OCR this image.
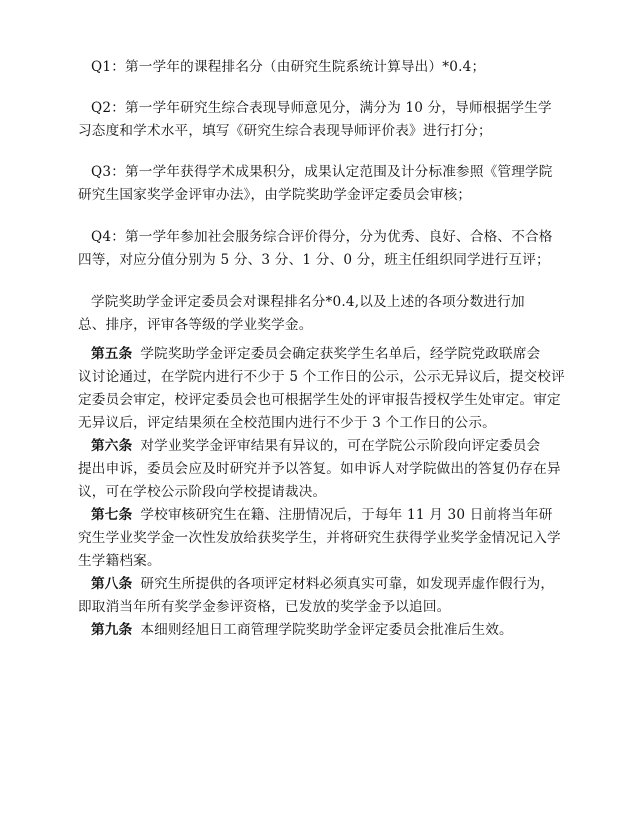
Q1：第一学年的课程排名分（由研究生院系统计算导出）*0.4；
Q2：第一学年研究生综合表现导师意见分，满分为 10 分，导师根据学生学
习态度和学术水平，填写《研究生综合表现导师评价表》进行打分；
Q3：第一学年获得学术成果积分，成果认定范围及计分标准参照《管理学院
研究生国家奖学金评审办法》，由学院奖助学金评定委员会审核；
Q4：第一学年参加社会服务综合评价得分，分为优秀、良好、合格、不合格
四等，对应分值分别为 5 分、3 分、1 分、0 分，班主任组织同学进行互评；
学院奖助学金评定委员会对课程排名分*0.4,以及上述的各项分数进行加
总、排序，评审各等级的学业奖学金。
第五条 学院奖助学金评定委员会确定获奖学生名单后，经学院党政联席会
议讨论通过，在学院内进行不少于 5 个工作日的公示，公示无异议后，提交校评
定委员会审定，校评定委员会也可根据学生处的评审报告授权学生处审定。审定
无异议后，评定结果须在全校范围内进行不少于 3 个工作日的公示。
第六条 对学业奖学金评审结果有异议的，可在学院公示阶段向评定委员会
提出申诉，委员会应及时研究并予以答复。如申诉人对学院做出的答复仍存在异
议，可在学校公示阶段向学校提请裁决。
第七条 学校审核研究生在籍、注册情况后，于每年 11 月 30 日前将当年研
究生学业奖学金一次性发放给获奖学生，并将研究生获得学业奖学金情况记入学
生学籍档案。
第八条 研究生所提供的各项评定材料必须真实可靠，如发现弄虚作假行为，
即取消当年所有奖学金参评资格，已发放的奖学金予以追回。
第九条 本细则经旭日工商管理学院奖助学金评定委员会批准后生效。
